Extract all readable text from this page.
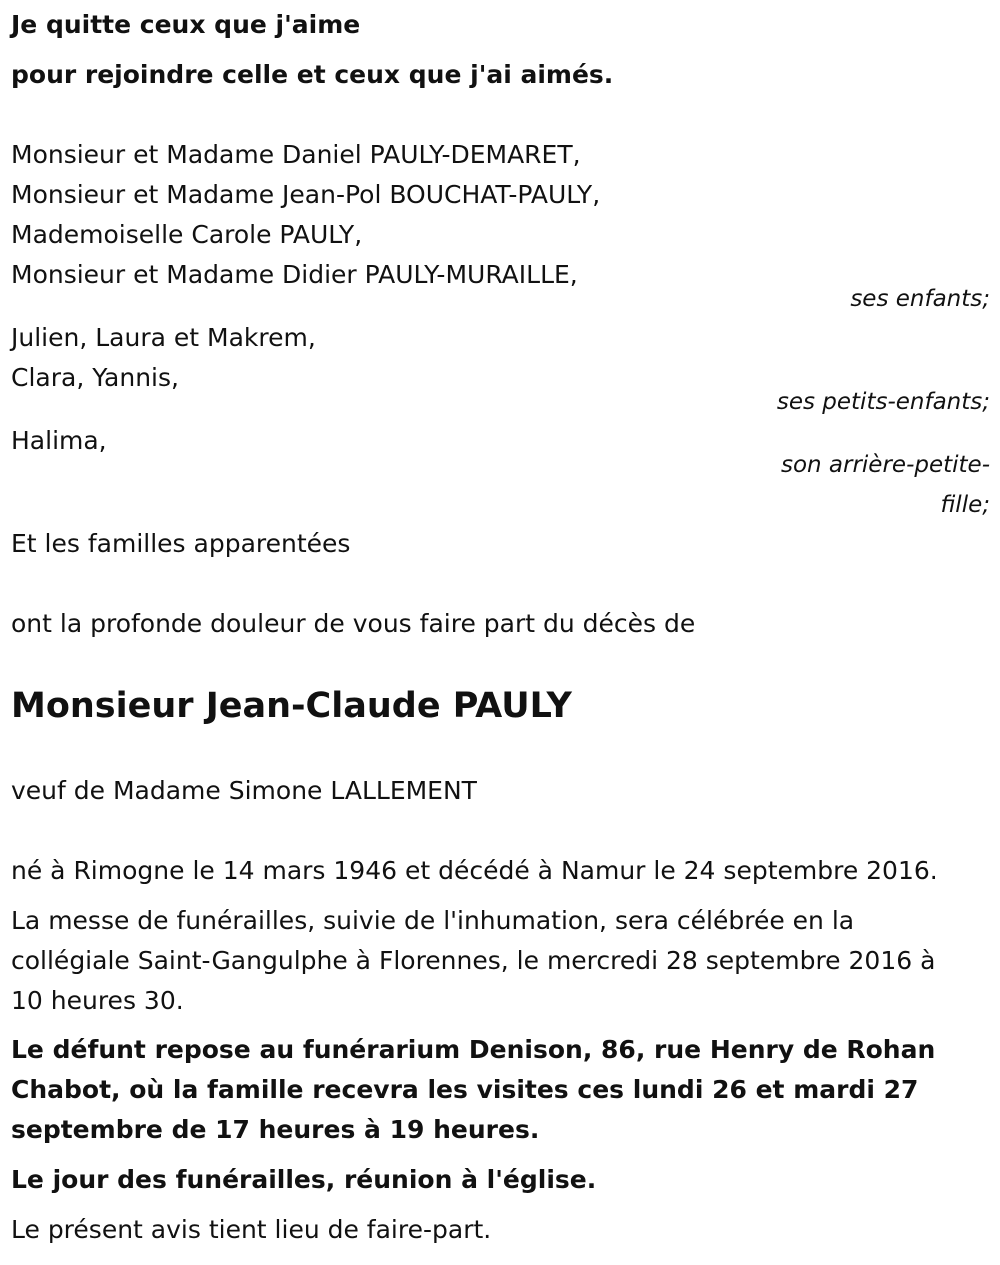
Je quitte ceux que j'aime
pour rejoindre celle et ceux que j'ai aimés.
Monsieur et Madame Daniel PAULY-DEMARET,
Monsieur et Madame Jean-Pol BOUCHAT-PAULY,
Mademoiselle Carole PAULY,
Monsieur et Madame Didier PAULY-MURAILLE,
ses enfants;
Julien, Laura et Makrem,
Clara, Yannis,
ses petits-enfants;
Halima,
son arrière-petite-
fille;
Et les familles apparentées
ont la profonde douleur de vous faire part du décès de
Monsieur Jean-Claude PAULY
veuf de Madame Simone LALLEMENT
né à Rimogne le 14 mars 1946 et décédé à Namur le 24 septembre 2016.
La messe de funérailles, suivie de l'inhumation, sera célébrée en la
collégiale Saint-Gangulphe à Florennes, le mercredi 28 septembre 2016 à
10 heures 30.
Le défunt repose au funérarium Denison, 86, rue Henry de Rohan
Chabot, où la famille recevra les visites ces lundi 26 et mardi 27
septembre de 17 heures à 19 heures.
Le jour des funérailles, réunion à l'église.
Le présent avis tient lieu de faire-part.
